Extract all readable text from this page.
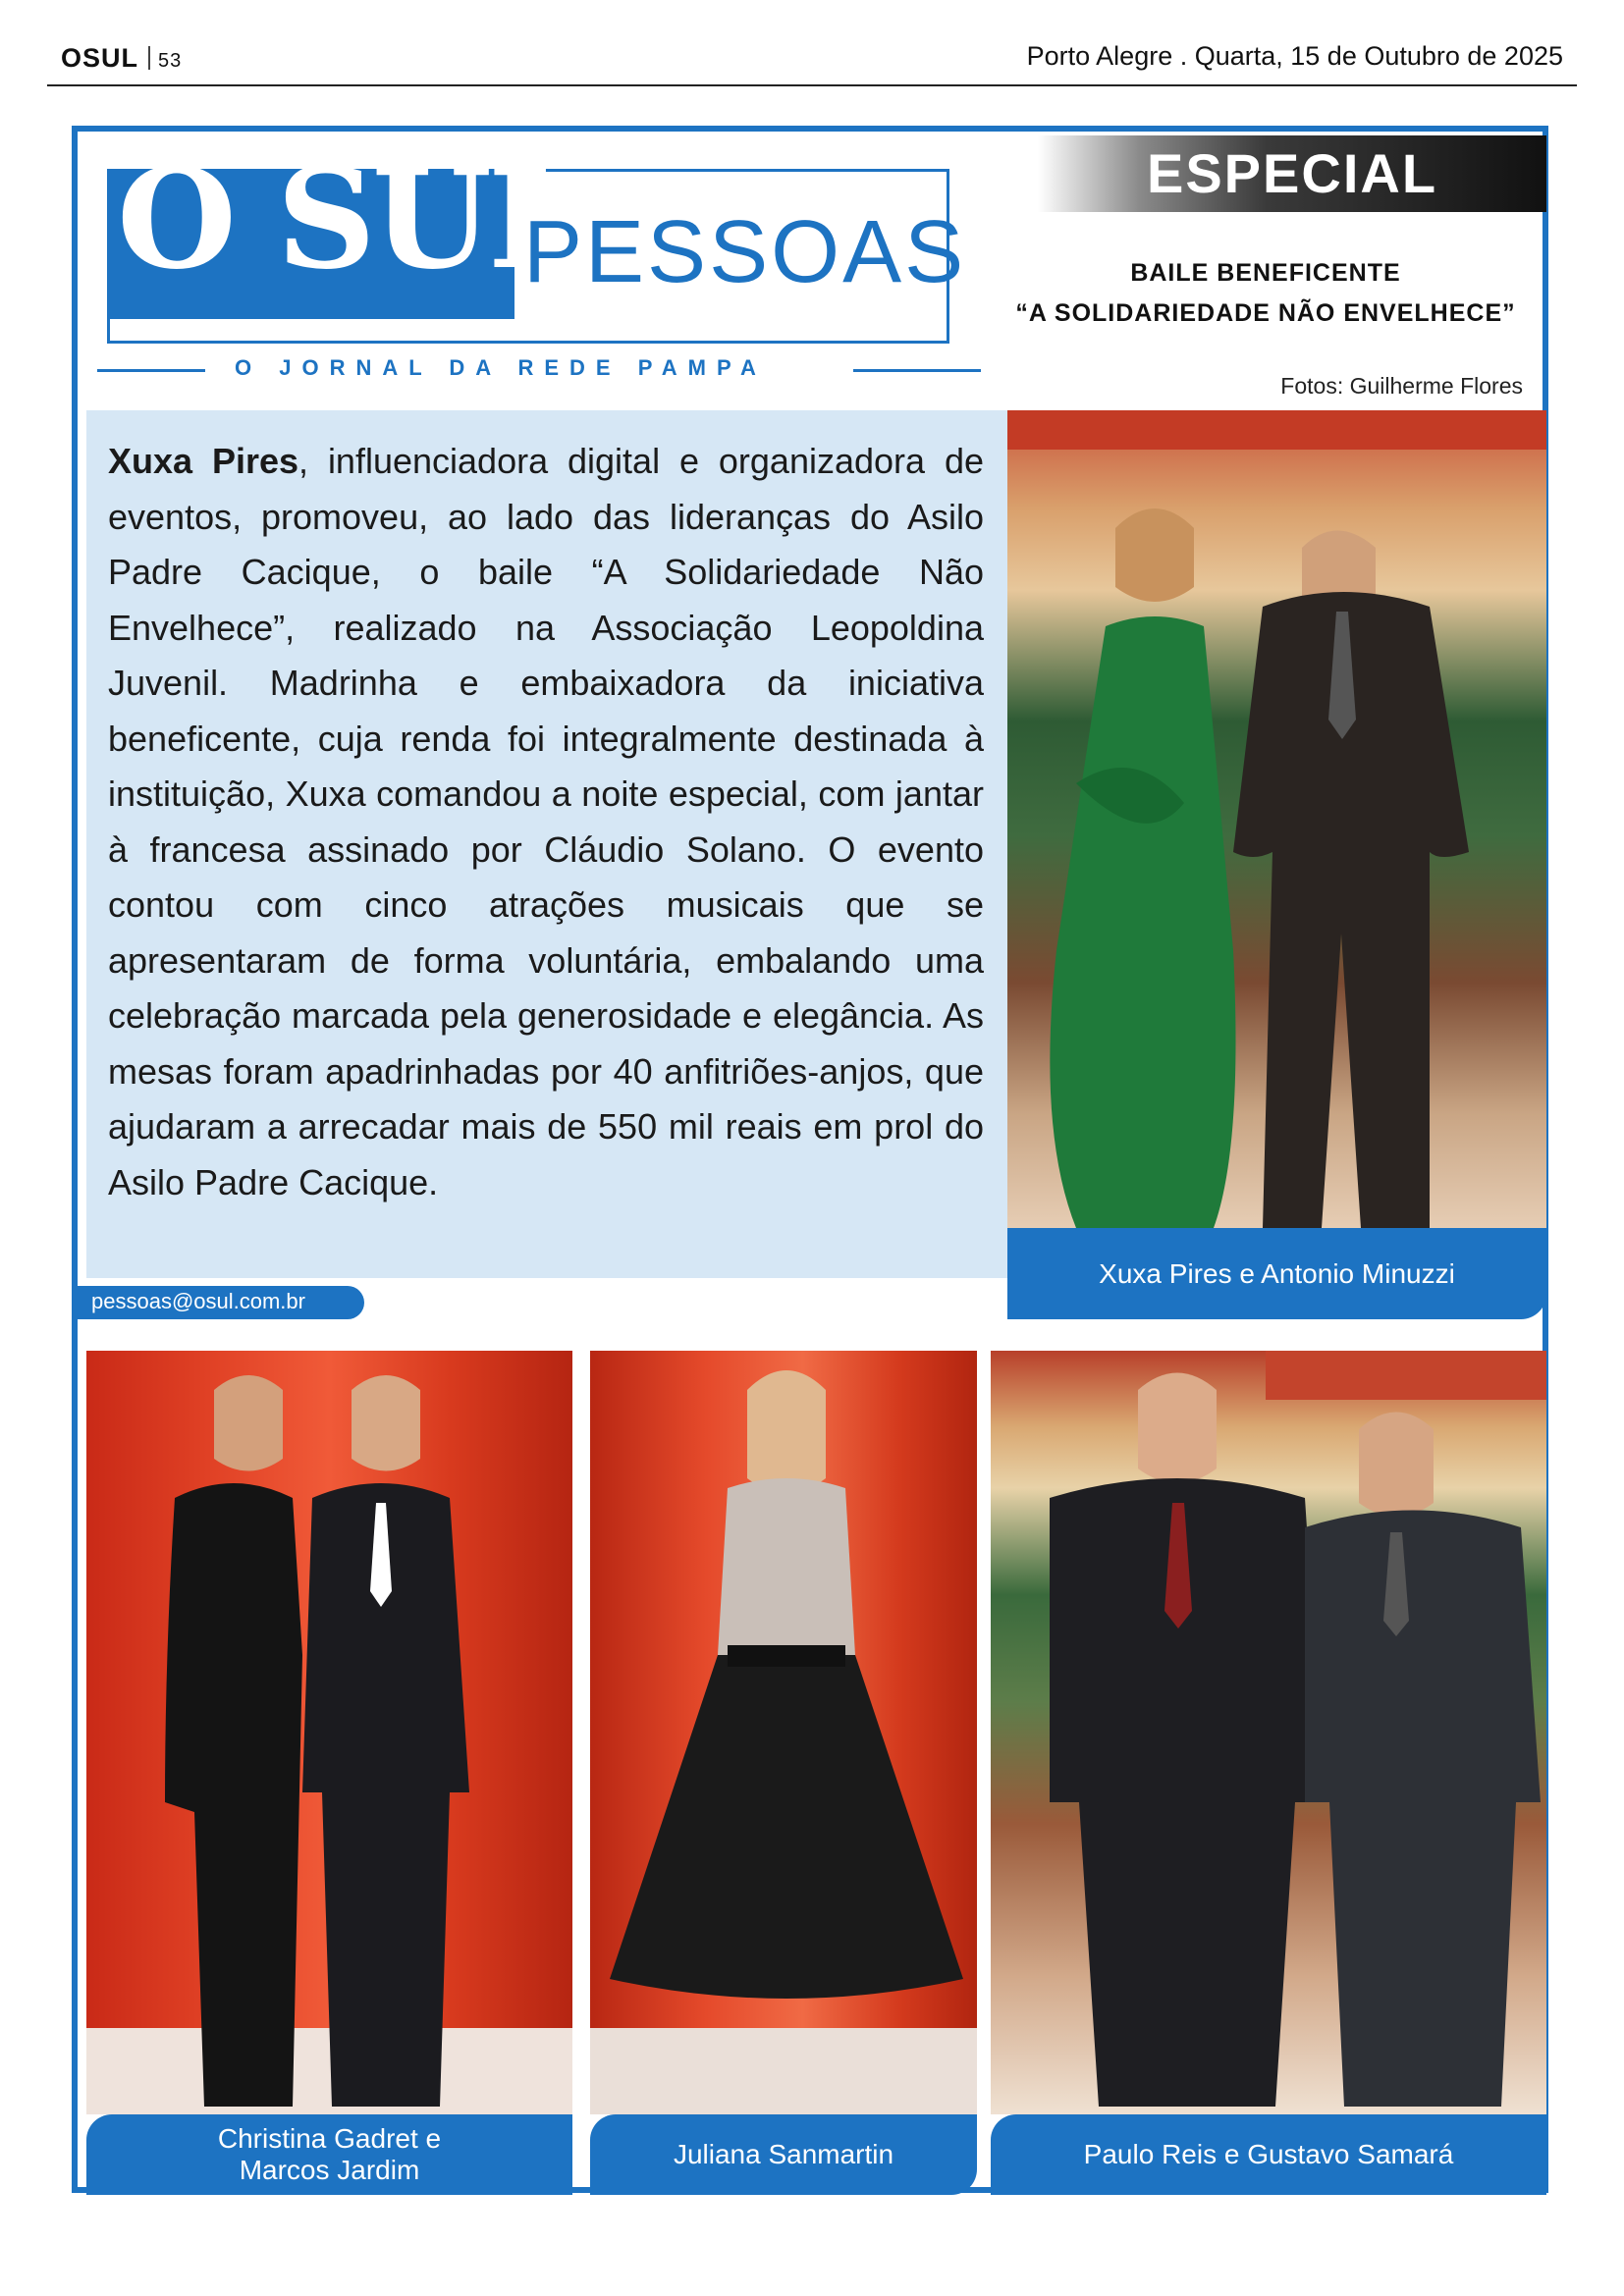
OSUL 53	Porto Alegre . Quarta, 15 de Outubro de 2025
O SUL
PESSOAS
O JORNAL DA REDE PAMPA
ESPECIAL
BAILE BENEFICENTE
“A SOLIDARIEDADE NÃO ENVELHECE”
Fotos: Guilherme Flores
Xuxa Pires, influenciadora digital e organizadora de eventos, promoveu, ao lado das lideranças do Asilo Padre Cacique, o baile “A Solidariedade Não Envelhece”, realizado na Associação Leopoldina Juvenil. Madrinha e embaixadora da iniciativa beneficente, cuja renda foi integralmente destinada à instituição, Xuxa comandou a noite especial, com jantar à francesa assinado por Cláudio Solano. O evento contou com cinco atrações musicais que se apresentaram de forma voluntária, embalando uma celebração marcada pela generosidade e elegância. As mesas foram apadrinhadas por 40 anfitriões-anjos, que ajudaram a arrecadar mais de 550 mil reais em prol do Asilo Padre Cacique.
pessoas@osul.com.br
Xuxa Pires e Antonio Minuzzi
Christina Gadret e
Marcos Jardim
Juliana Sanmartin	Paulo Reis e Gustavo Samará
